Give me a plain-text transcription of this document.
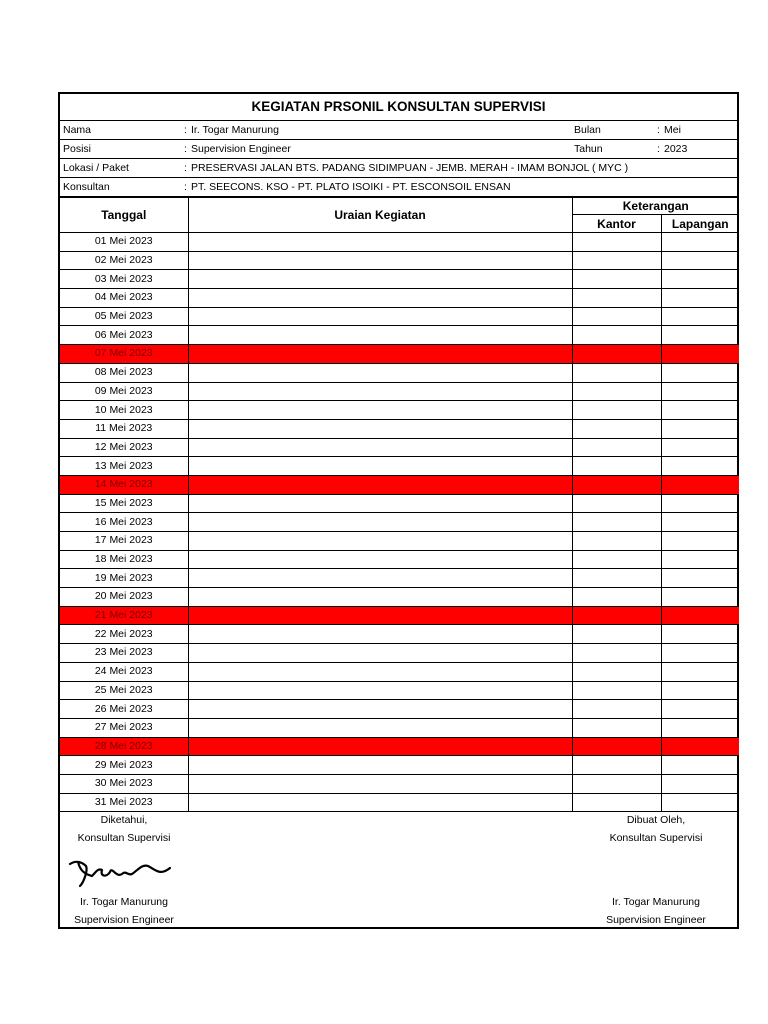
KEGIATAN PRSONIL KONSULTAN SUPERVISI
Nama	: Ir. Togar Manurung	Bulan	: Mei
Posisi	: Supervision Engineer	Tahun	: 2023
Lokasi / Paket	: PRESERVASI JALAN BTS. PADANG SIDIMPUAN - JEMB. MERAH - IMAM BONJOL ( MYC )
Konsultan	: PT. SEECONS. KSO - PT. PLATO ISOIKI - PT. ESCONSOIL ENSAN
Tanggal	Uraian Kegiatan	Keterangan	
		Kantor	Lapangan
01 Mei 2023			
02 Mei 2023			
03 Mei 2023			
04 Mei 2023			
05 Mei 2023			
06 Mei 2023			
07 Mei 2023			
08 Mei 2023			
09 Mei 2023			
10 Mei 2023			
11 Mei 2023			
12 Mei 2023			
13 Mei 2023			
14 Mei 2023			
15 Mei 2023			
16 Mei 2023			
17 Mei 2023			
18 Mei 2023			
19 Mei 2023			
20 Mei 2023			
21 Mei 2023			
22 Mei 2023			
23 Mei 2023			
24 Mei 2023			
25 Mei 2023			
26 Mei 2023			
27 Mei 2023			
28 Mei 2023			
29 Mei 2023			
30 Mei 2023			
31 Mei 2023			
Diketahui,
Konsultan Supervisi
Ir. Togar Manurung
Supervision Engineer
Dibuat Oleh,
Konsultan Supervisi
Ir. Togar Manurung
Supervision Engineer
